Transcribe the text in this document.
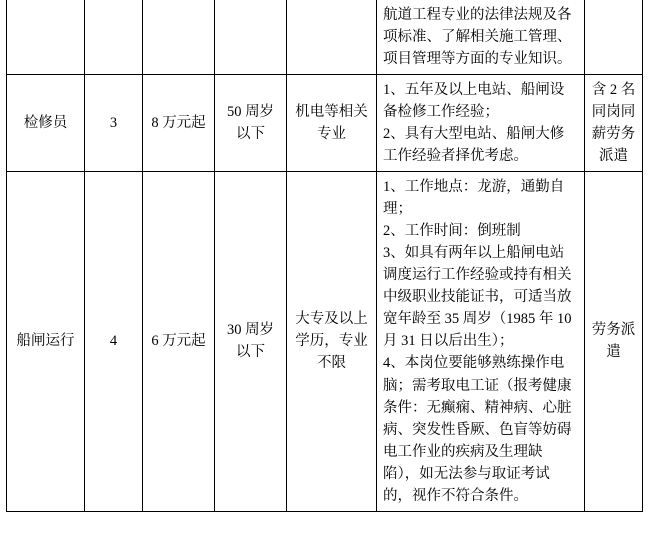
					航道工程专业的法律法规及各项标准、了解相关施工管理、项目管理等方面的专业知识。	

检修员	3	8 万元起	50 周岁以下	机电等相关专业	1、五年及以上电站、船闸设备检修工作经验；
2、具有大型电站、船闸大修工作经验者择优考虑。	含 2 名同岗同薪劳务派遣

船闸运行	4	6 万元起	30 周岁以下	大专及以上学历，专业不限	1、工作地点：龙游，通勤自理；
2、工作时间：倒班制
3、如具有两年以上船闸电站调度运行工作经验或持有相关中级职业技能证书，可适当放宽年龄至 35 周岁（1985 年 10 月 31 日以后出生）；
4、本岗位要能够熟练操作电脑；需考取电工证（报考健康条件：无癫痫、精神病、心脏病、突发性昏厥、色盲等妨碍电工作业的疾病及生理缺陷），如无法参与取证考试的，视作不符合条件。	劳务派遣
